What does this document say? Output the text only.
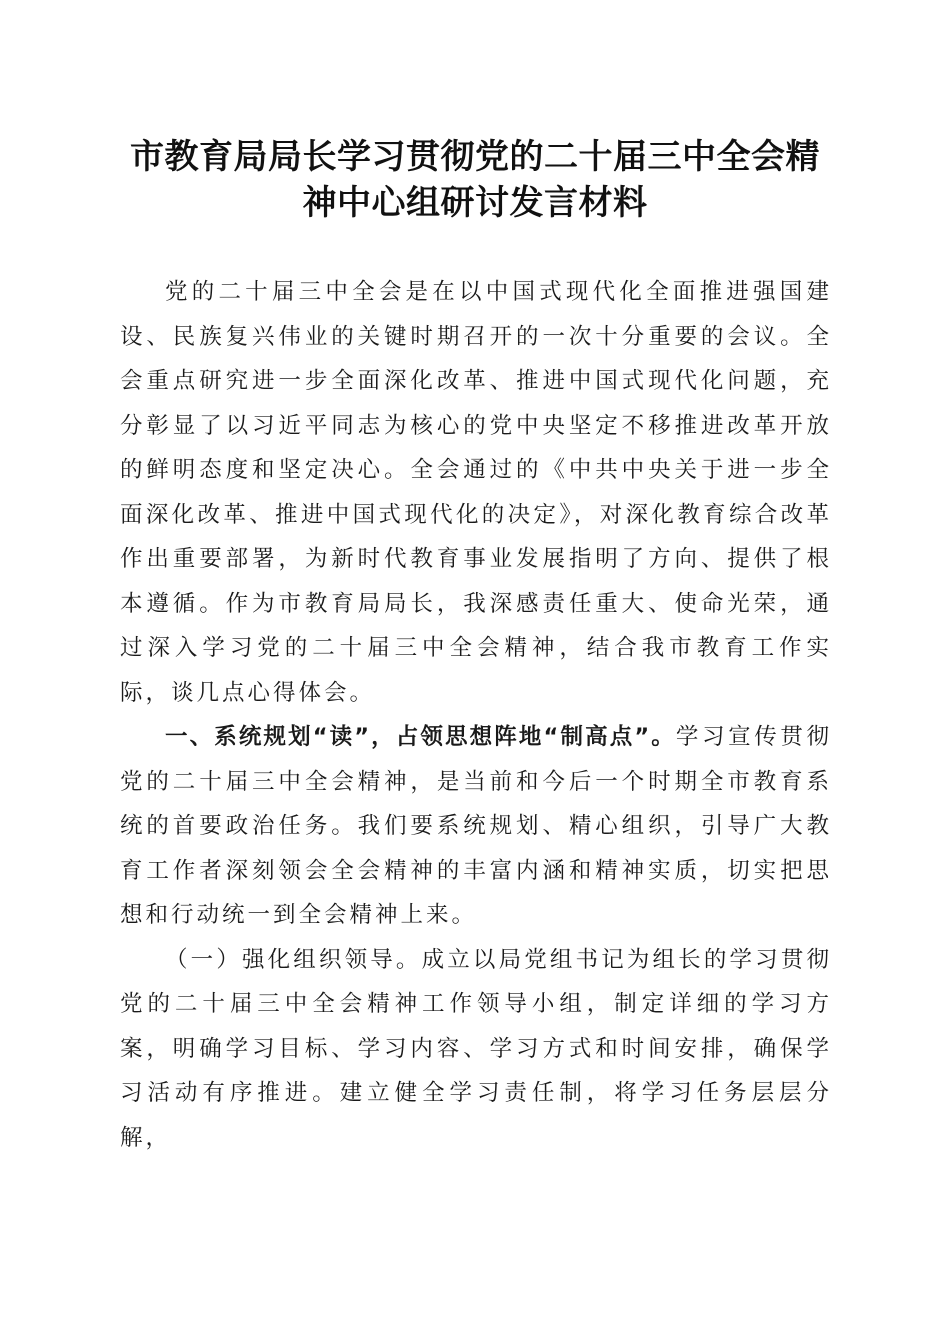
市教育局局长学习贯彻党的二十届三中全会精
神中心组研讨发言材料

党的二十届三中全会是在以中国式现代化全面推进强国建设、民族复兴伟业的关键时期召开的一次十分重要的会议。全会重点研究进一步全面深化改革、推进中国式现代化问题，充分彰显了以习近平同志为核心的党中央坚定不移推进改革开放的鲜明态度和坚定决心。全会通过的《中共中央关于进一步全面深化改革、推进中国式现代化的决定》，对深化教育综合改革作出重要部署，为新时代教育事业发展指明了方向、提供了根本遵循。作为市教育局局长，我深感责任重大、使命光荣，通过深入学习党的二十届三中全会精神，结合我市教育工作实际，谈几点心得体会。

一、系统规划“读”，占领思想阵地“制高点”。学习宣传贯彻党的二十届三中全会精神，是当前和今后一个时期全市教育系统的首要政治任务。我们要系统规划、精心组织，引导广大教育工作者深刻领会全会精神的丰富内涵和精神实质，切实把思想和行动统一到全会精神上来。

（一）强化组织领导。成立以局党组书记为组长的学习贯彻党的二十届三中全会精神工作领导小组，制定详细的学习方案，明确学习目标、学习内容、学习方式和时间安排，确保学习活动有序推进。建立健全学习责任制，将学习任务层层分解，
